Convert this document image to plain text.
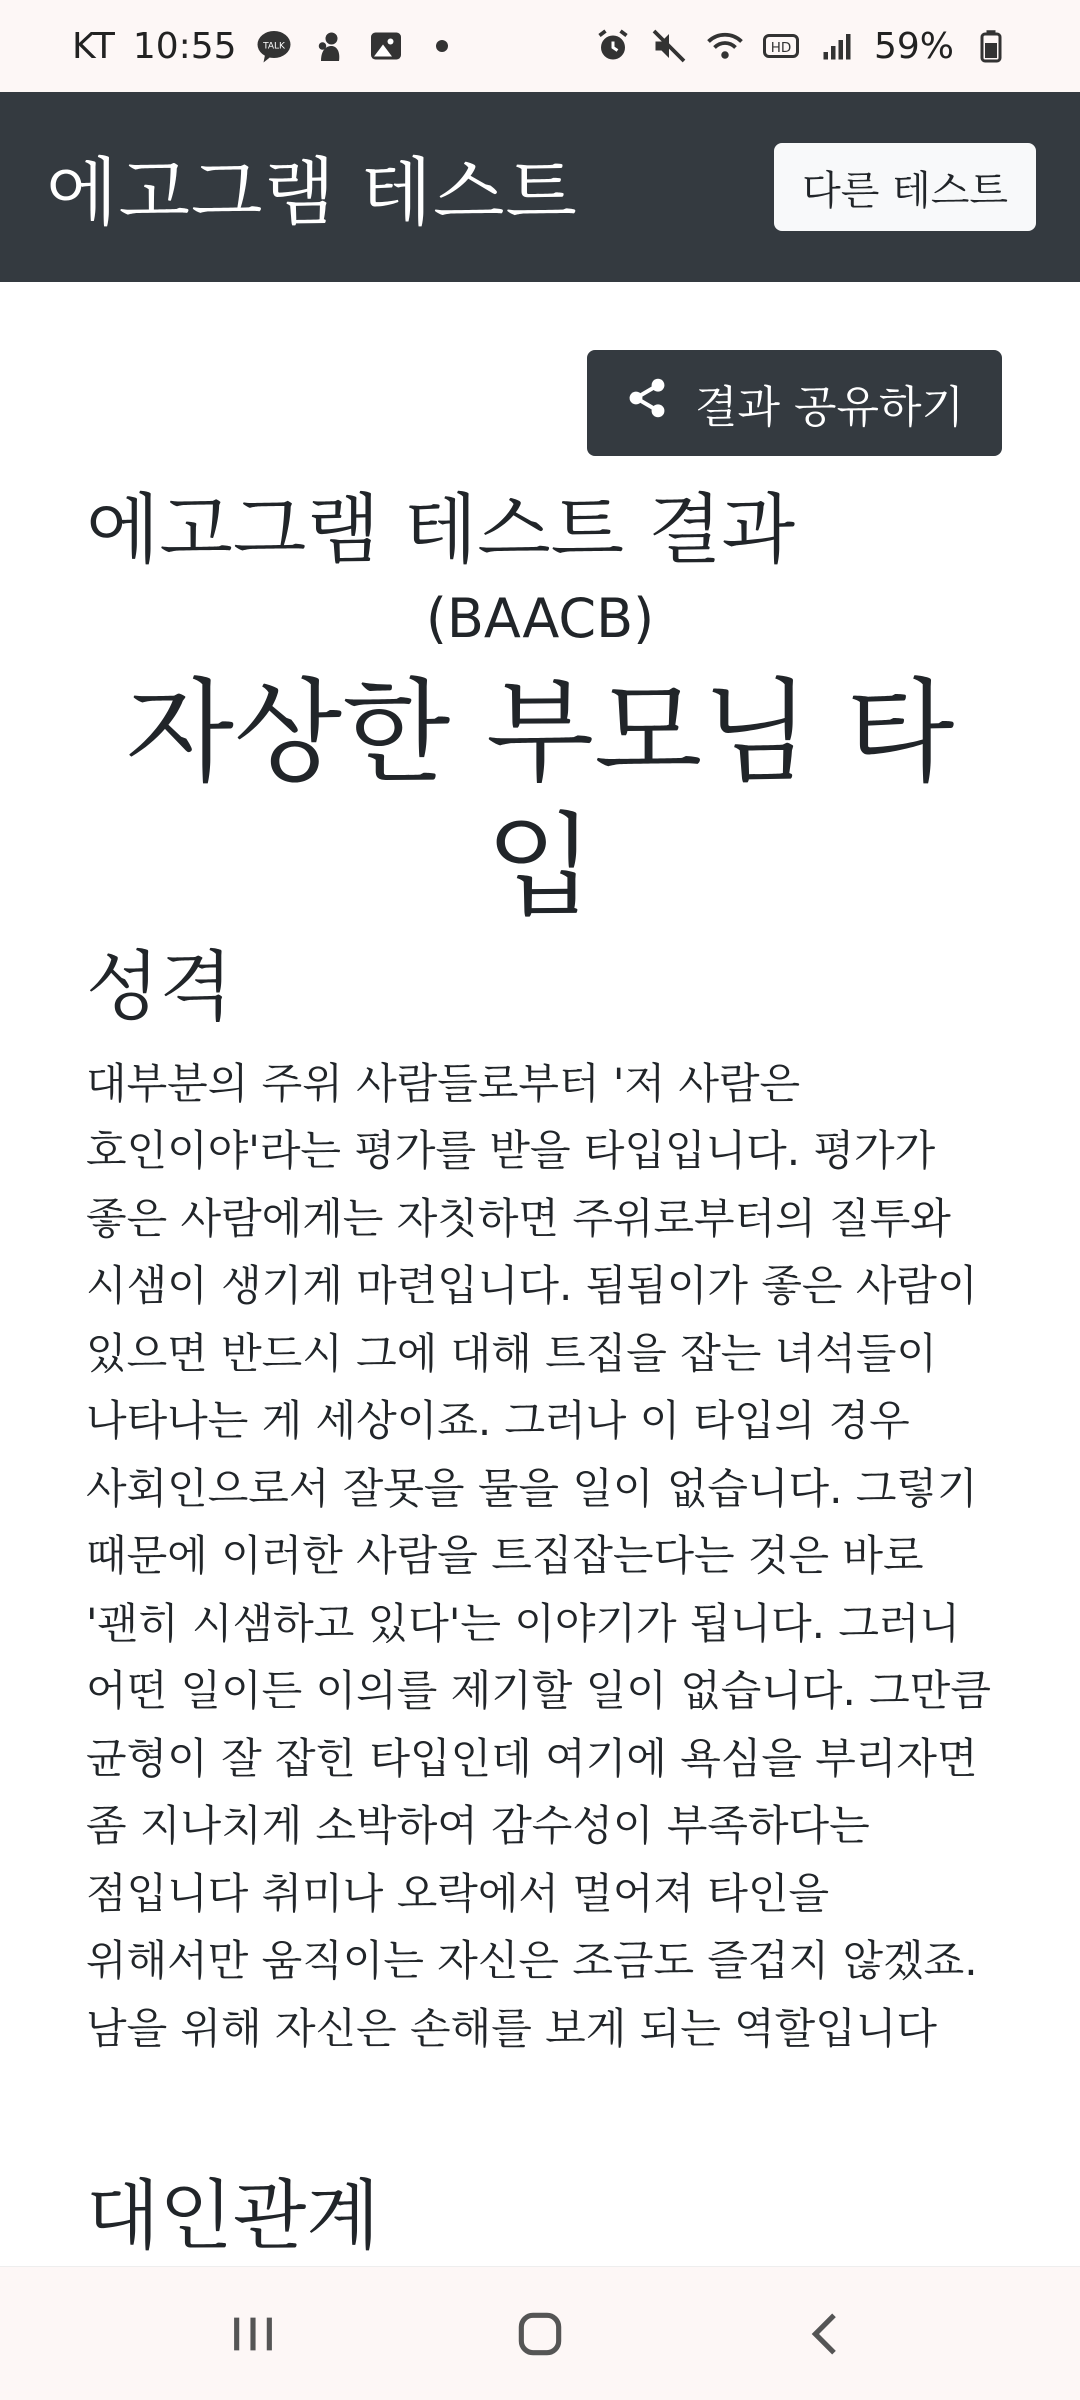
KT 10:55	TALK	HD 59%
에고그램 테스트	다른 테스트
결과 공유하기
에고그램 테스트 결과

(BAACB)

자상한 부모님 타입
성격

대부분의 주위 사람들로부터 '저 사람은 호인이야'라는 평가를 받을 타입입니다. 평가가 좋은 사람에게는 자칫하면 주위로부터의 질투와 시샘이 생기게 마련입니다. 됨됨이가 좋은 사람이 있으면 반드시 그에 대해 트집을 잡는 녀석들이 나타나는 게 세상이죠. 그러나 이 타입의 경우 사회인으로서 잘못을 물을 일이 없습니다. 그렇기 때문에 이러한 사람을 트집잡는다는 것은 바로 '괜히 시샘하고 있다'는 이야기가 됩니다. 그러니 어떤 일이든 이의를 제기할 일이 없습니다. 그만큼 균형이 잘 잡힌 타입인데 여기에 욕심을 부리자면 좀 지나치게 소박하여 감수성이 부족하다는 점입니다 취미나 오락에서 멀어져 타인을 위해서만 움직이는 자신은 조금도 즐겁지 않겠죠. 남을 위해 자신은 손해를 보게 되는 역할입니다

대인관계
